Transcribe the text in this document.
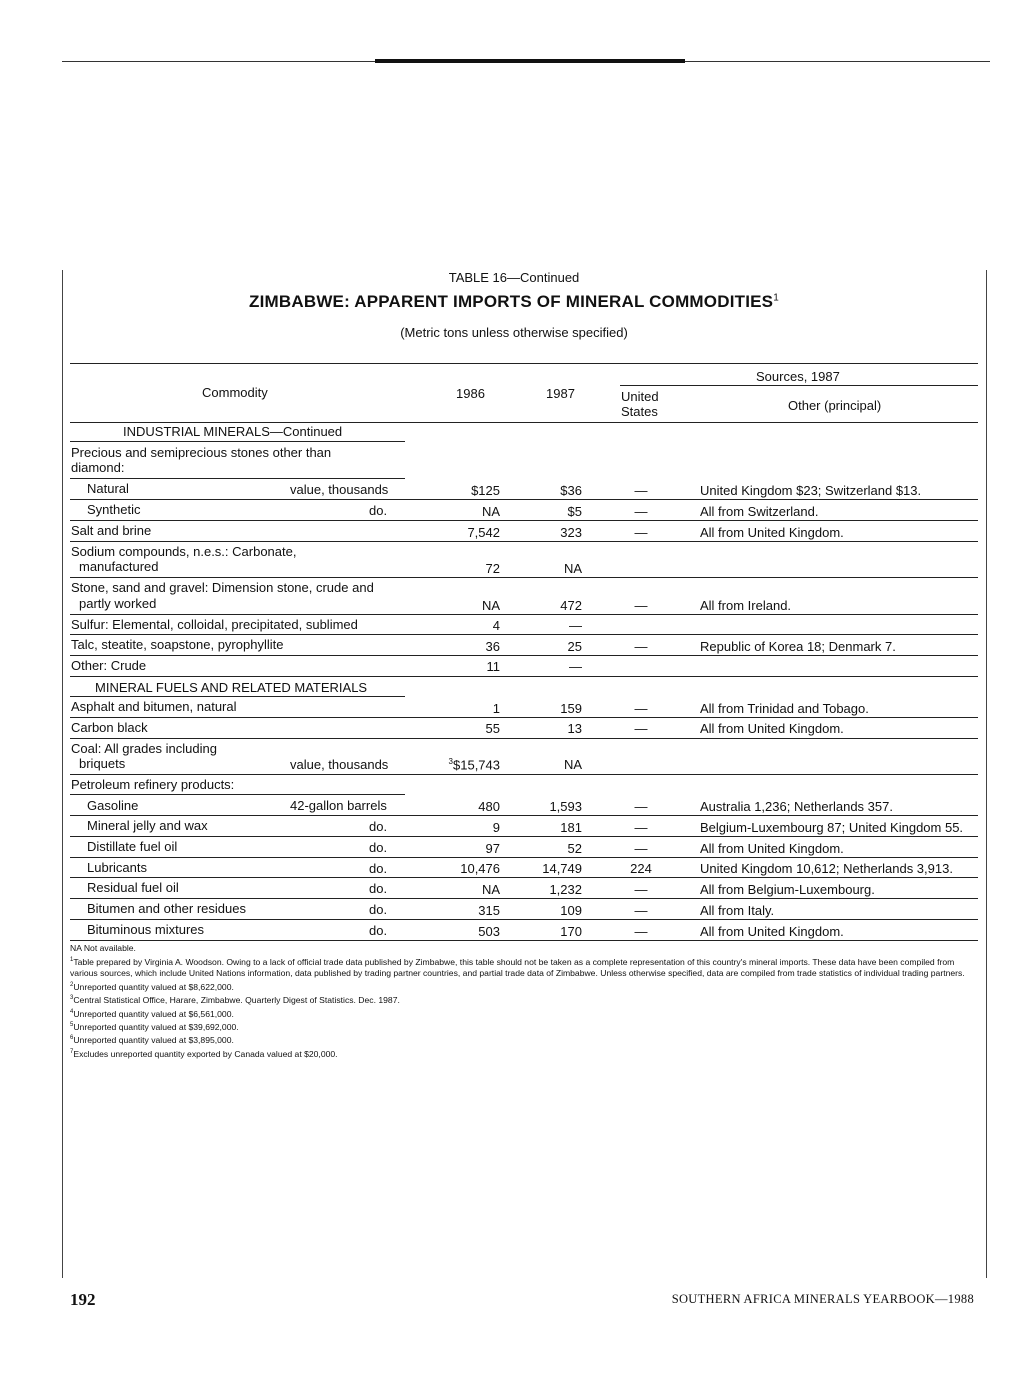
TABLE 16—Continued
ZIMBABWE: APPARENT IMPORTS OF MINERAL COMMODITIES$^1$
(Metric tons unless otherwise specified)
Commodity	1986	1987
Sources, 1987
United
States	Other (principal)
INDUSTRIAL MINERALS—Continued
Precious and semiprecious stones other than
diamond:
Natural	value, thousands	$125	$36	—	United Kingdom $23; Switzerland $13.
Synthetic	do.	NA	$5	—	All from Switzerland.
Salt and brine	7,542	323	—	All from United Kingdom.
Sodium compounds, n.e.s.: Carbonate,
manufactured	72	NA
Stone, sand and gravel: Dimension stone, crude and
partly worked	NA	472	—	All from Ireland.
Sulfur: Elemental, colloidal, precipitated, sublimed	4	—
Talc, steatite, soapstone, pyrophyllite	36	25	—	Republic of Korea 18; Denmark 7.
Other: Crude	11	—
MINERAL FUELS AND RELATED MATERIALS
Asphalt and bitumen, natural	1	159	—	All from Trinidad and Tobago.
Carbon black	55	13	—	All from United Kingdom.
Coal: All grades including
briquets	value, thousands	$^3$\$15,743	NA
Petroleum refinery products:
Gasoline	42-gallon barrels	480	1,593	—	Australia 1,236; Netherlands 357.
Mineral jelly and wax	do.	9	181	—	Belgium-Luxembourg 87; United Kingdom 55.
Distillate fuel oil	do.	97	52	—	All from United Kingdom.
Lubricants	do.	10,476	14,749	224	United Kingdom 10,612; Netherlands 3,913.
Residual fuel oil	do.	NA	1,232	—	All from Belgium-Luxembourg.
Bitumen and other residues	do.	315	109	—	All from Italy.
Bituminous mixtures	do.	503	170	—	All from United Kingdom.

NA Not available.

$^1$Table prepared by Virginia A. Woodson. Owing to a lack of official trade data published by Zimbabwe, this table should not be taken as a complete representation of this country's mineral imports. These data have been compiled from various sources, which include United Nations information, data published by trading partner countries, and partial trade data of Zimbabwe. Unless otherwise specified, data are compiled from trade statistics of individual trading partners.

$^2$Unreported quantity valued at $8,622,000.

$^3$Central Statistical Office, Harare, Zimbabwe. Quarterly Digest of Statistics. Dec. 1987.

$^4$Unreported quantity valued at $6,561,000.

$^5$Unreported quantity valued at $39,692,000.

$^6$Unreported quantity valued at $3,895,000.

$^7$Excludes unreported quantity exported by Canada valued at $20,000.

192	SOUTHERN AFRICA MINERALS YEARBOOK—1988
